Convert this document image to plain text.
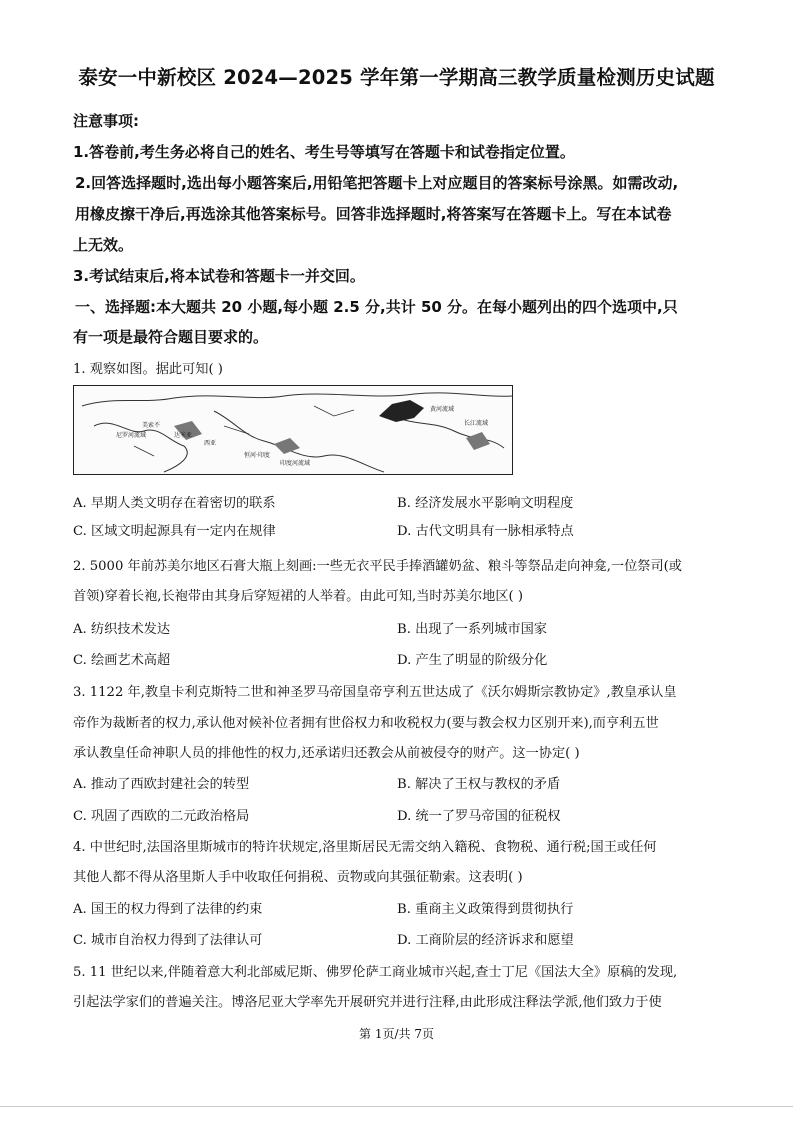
泰安一中新校区 2024—2025 学年第一学期高三教学质量检测历史试题
注意事项:
1.答卷前,考生务必将自己的姓名、考生号等填写在答题卡和试卷指定位置。
2.回答选择题时,选出每小题答案后,用铅笔把答题卡上对应题目的答案标号涂黑。如需改动,
用橡皮擦干净后,再选涂其他答案标号。回答非选择题时,将答案写在答题卡上。写在本试卷
上无效。
3.考试结束后,将本试卷和答题卡一并交回。
一、选择题:本大题共 20 小题,每小题 2.5 分,共计 50 分。在每小题列出的四个选项中,只
有一项是最符合题目要求的。
1. 观察如图。据此可知( )
美索不
尼罗河流域	达米亚
西亚
黄河流域
长江流域
恒河·印度
印度河流域
A. 早期人类文明存在着密切的联系	B. 经济发展水平影响文明程度
C. 区域文明起源具有一定内在规律	D. 古代文明具有一脉相承特点
2. 5000 年前苏美尔地区石膏大瓶上刻画:一些无衣平民手捧酒罐奶盆、粮斗等祭品走向神龛,一位祭司(或
首领)穿着长袍,长袍带由其身后穿短裙的人举着。由此可知,当时苏美尔地区( )
A. 纺织技术发达	B. 出现了一系列城市国家
C. 绘画艺术高超	D. 产生了明显的阶级分化
3. 1122 年,教皇卡利克斯特二世和神圣罗马帝国皇帝亨利五世达成了《沃尔姆斯宗教协定》,教皇承认皇
帝作为裁断者的权力,承认他对候补位者拥有世俗权力和收税权力(要与教会权力区别开来),而亨利五世
承认教皇任命神职人员的排他性的权力,还承诺归还教会从前被侵夺的财产。这一协定( )
A. 推动了西欧封建社会的转型	B. 解决了王权与教权的矛盾
C. 巩固了西欧的二元政治格局	D. 统一了罗马帝国的征税权
4. 中世纪时,法国洛里斯城市的特许状规定,洛里斯居民无需交纳入籍税、食物税、通行税;国王或任何
其他人都不得从洛里斯人手中收取任何捐税、贡物或向其强征勒索。这表明( )
A. 国王的权力得到了法律的约束	B. 重商主义政策得到贯彻执行
C. 城市自治权力得到了法律认可	D. 工商阶层的经济诉求和愿望
5. 11 世纪以来,伴随着意大利北部威尼斯、佛罗伦萨工商业城市兴起,查士丁尼《国法大全》原稿的发现,
引起法学家们的普遍关注。博洛尼亚大学率先开展研究并进行注释,由此形成注释法学派,他们致力于使
第 1页/共 7页
